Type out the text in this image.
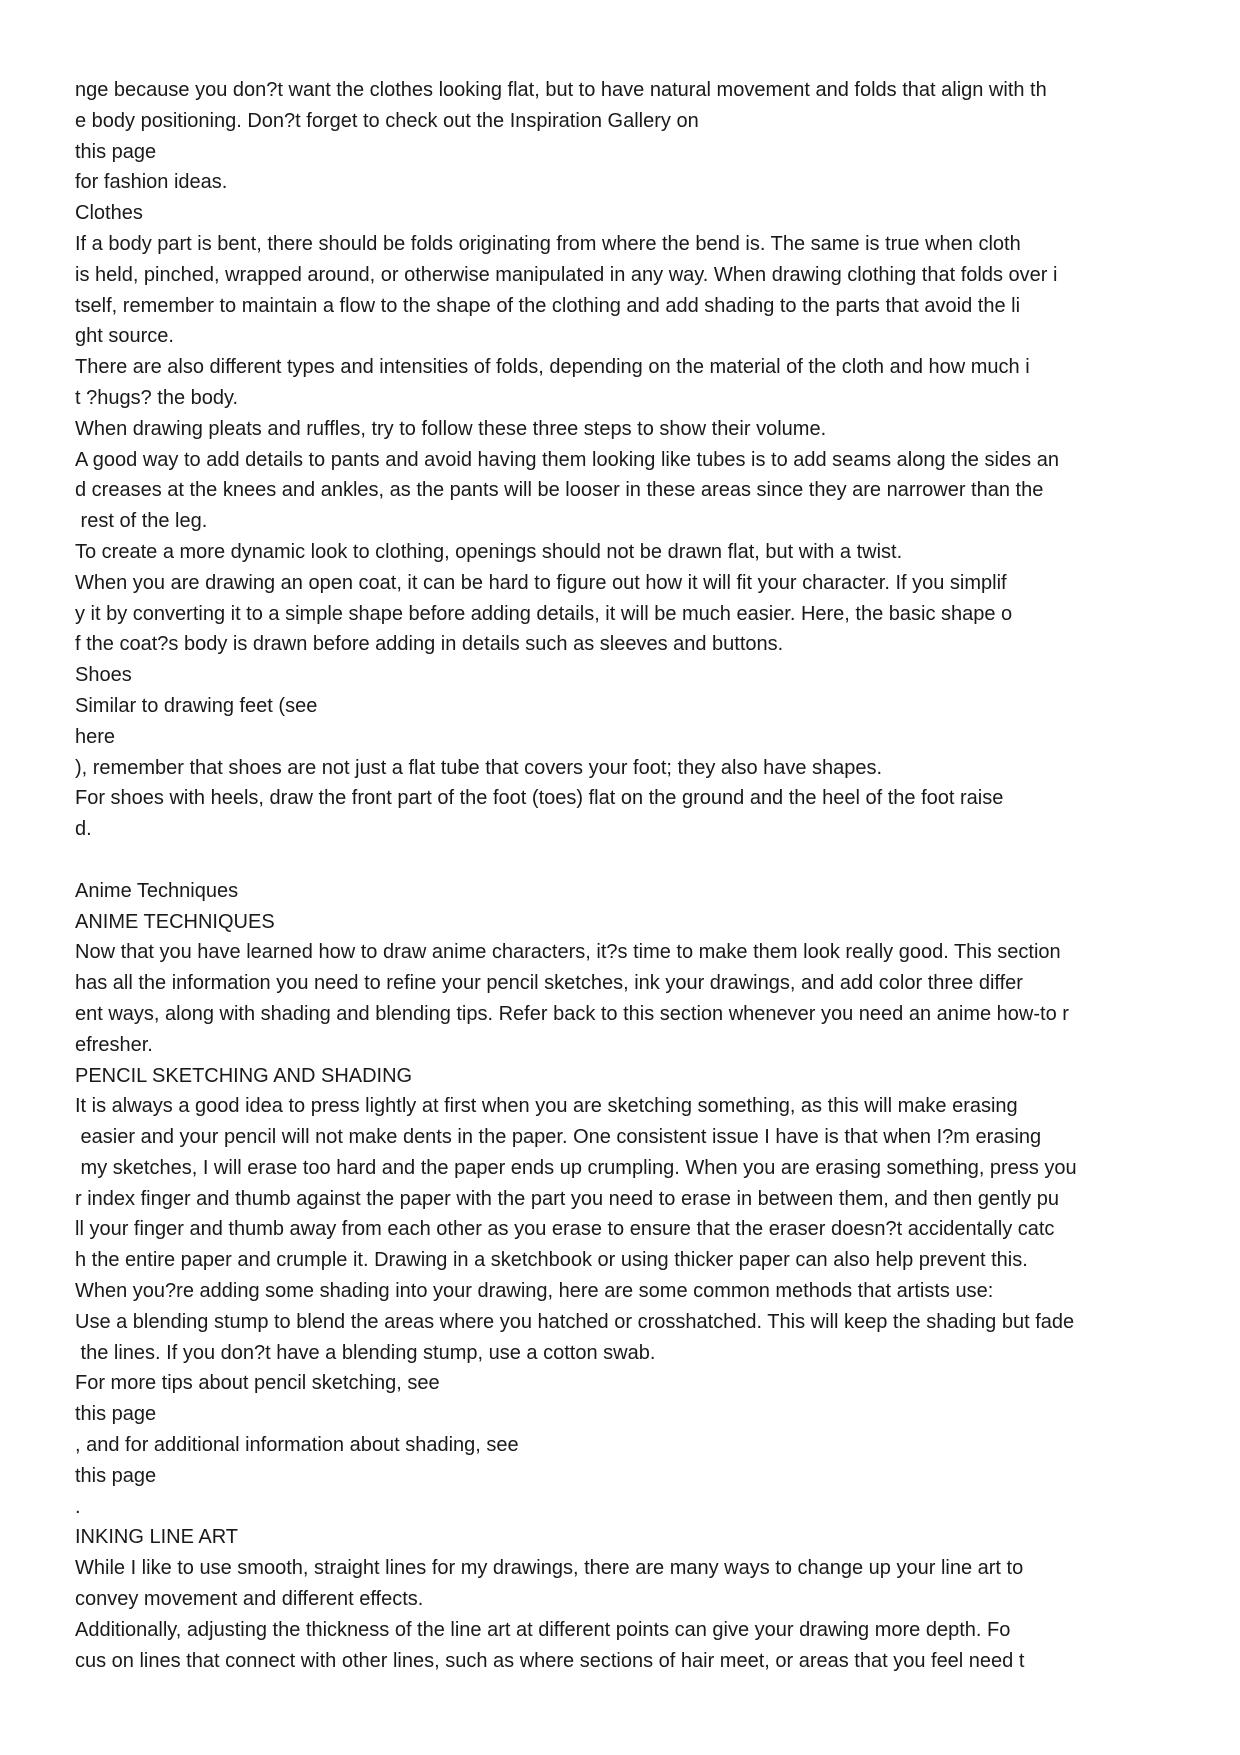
nge because you don?t want the clothes looking flat, but to have natural movement and folds that align with th
e body positioning. Don?t forget to check out the Inspiration Gallery on
this page
for fashion ideas.
Clothes
If a body part is bent, there should be folds originating from where the bend is. The same is true when cloth
is held, pinched, wrapped around, or otherwise manipulated in any way. When drawing clothing that folds over i
tself, remember to maintain a flow to the shape of the clothing and add shading to the parts that avoid the li
ght source.
There are also different types and intensities of folds, depending on the material of the cloth and how much i
t ?hugs? the body.
When drawing pleats and ruffles, try to follow these three steps to show their volume.
A good way to add details to pants and avoid having them looking like tubes is to add seams along the sides an
d creases at the knees and ankles, as the pants will be looser in these areas since they are narrower than the
rest of the leg.
To create a more dynamic look to clothing, openings should not be drawn flat, but with a twist.
When you are drawing an open coat, it can be hard to figure out how it will fit your character. If you simplif
y it by converting it to a simple shape before adding details, it will be much easier. Here, the basic shape o
f the coat?s body is drawn before adding in details such as sleeves and buttons.
Shoes
Similar to drawing feet (see
here
), remember that shoes are not just a flat tube that covers your foot; they also have shapes.
For shoes with heels, draw the front part of the foot (toes) flat on the ground and the heel of the foot raise
d.
Anime Techniques
ANIME TECHNIQUES
Now that you have learned how to draw anime characters, it?s time to make them look really good. This section
has all the information you need to refine your pencil sketches, ink your drawings, and add color three differ
ent ways, along with shading and blending tips. Refer back to this section whenever you need an anime how-to r
efresher.
PENCIL SKETCHING AND SHADING
It is always a good idea to press lightly at first when you are sketching something, as this will make erasing
easier and your pencil will not make dents in the paper. One consistent issue I have is that when I?m erasing
my sketches, I will erase too hard and the paper ends up crumpling. When you are erasing something, press you
r index finger and thumb against the paper with the part you need to erase in between them, and then gently pu
ll your finger and thumb away from each other as you erase to ensure that the eraser doesn?t accidentally catc
h the entire paper and crumple it. Drawing in a sketchbook or using thicker paper can also help prevent this.
When you?re adding some shading into your drawing, here are some common methods that artists use:
Use a blending stump to blend the areas where you hatched or crosshatched. This will keep the shading but fade
the lines. If you don?t have a blending stump, use a cotton swab.
For more tips about pencil sketching, see
this page
, and for additional information about shading, see
this page
.
INKING LINE ART
While I like to use smooth, straight lines for my drawings, there are many ways to change up your line art to
convey movement and different effects.
Additionally, adjusting the thickness of the line art at different points can give your drawing more depth. Fo
cus on lines that connect with other lines, such as where sections of hair meet, or areas that you feel need t
